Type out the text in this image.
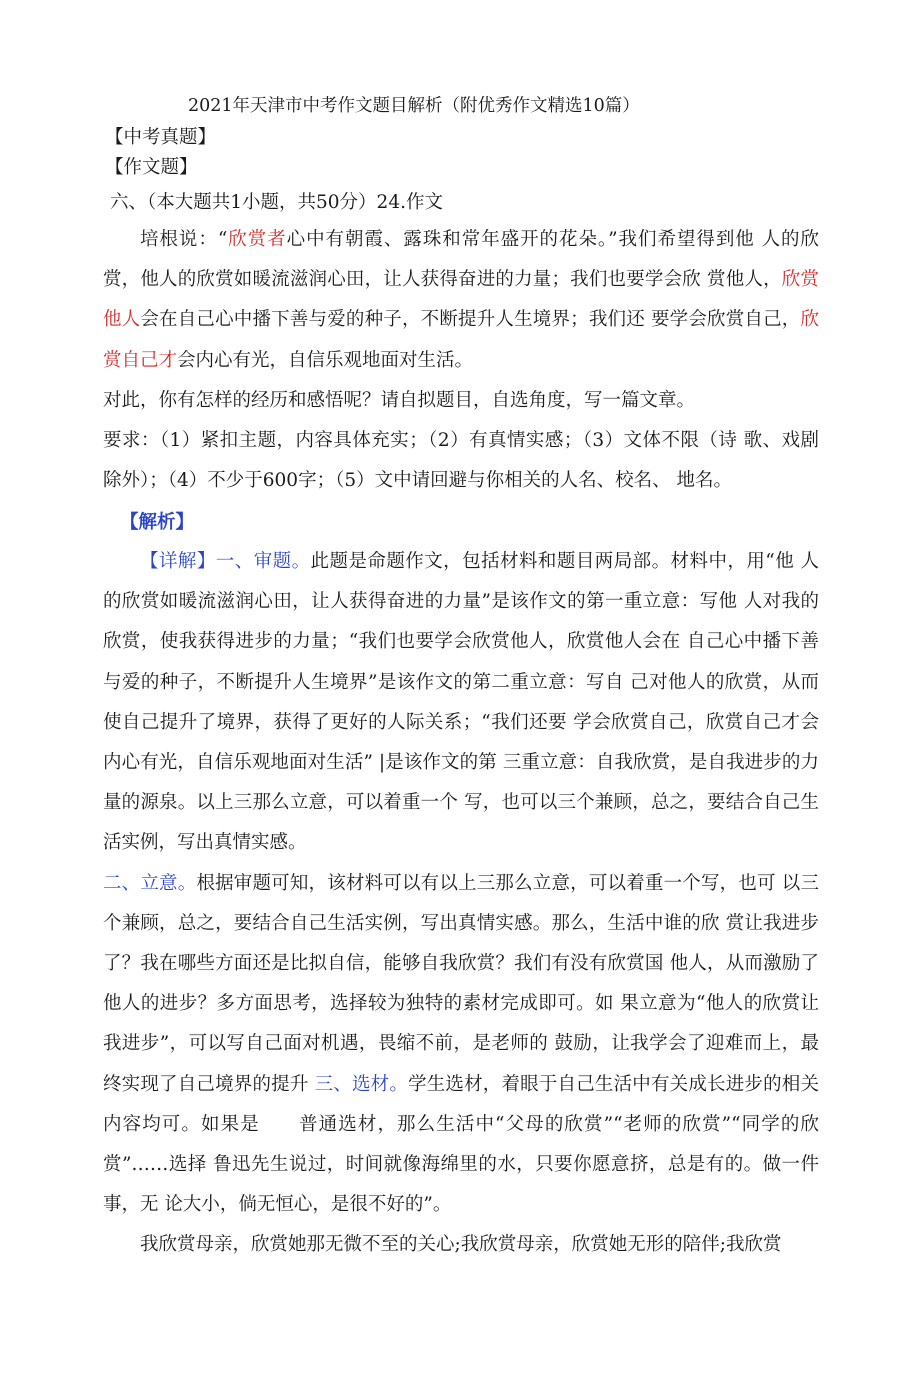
2021年天津市中考作文题目解析（附优秀作文精选10篇）
【中考真题】
【作文题】
六、（本大题共1小题，共50分）24.作文

培根说：“欣赏者心中有朝霞、露珠和常年盛开的花朵。”我们希望得到他 人的欣赏，他人的欣赏如暖流滋润心田，让人获得奋进的力量；我们也要学会欣 赏他人，欣赏他人会在自己心中播下善与爱的种子，不断提升人生境界；我们还 要学会欣赏自己，欣赏自己才会内心有光，自信乐观地面对生活。

对此，你有怎样的经历和感悟呢？请自拟题目，自选角度，写一篇文章。

要求：（1）紧扣主题，内容具体充实；（2）有真情实感；（3）文体不限（诗 歌、戏剧除外）；（4）不少于600字；（5）文中请回避与你相关的人名、校名、 地名。

【解析】

【详解】一、审题。此题是命题作文，包括材料和题目两局部。材料中，用“他 人的欣赏如暖流滋润心田，让人获得奋进的力量”是该作文的第一重立意：写他 人对我的欣赏，使我获得进步的力量；“我们也要学会欣赏他人，欣赏他人会在 自己心中播下善与爱的种子，不断提升人生境界”是该作文的第二重立意：写自 己对他人的欣赏，从而使自己提升了境界，获得了更好的人际关系；“我们还要 学会欣赏自己，欣赏自己才会内心有光，自信乐观地面对生活” |是该作文的第 三重立意：自我欣赏，是自我进步的力量的源泉。以上三那么立意，可以着重一个 写，也可以三个兼顾，总之，要结合自己生活实例，写出真情实感。

二、立意。根据审题可知，该材料可以有以上三那么立意，可以着重一个写，也可 以三个兼顾，总之，要结合自己生活实例，写出真情实感。那么，生活中谁的欣 赏让我进步了？我在哪些方面还是比拟自信，能够自我欣赏？我们有没有欣赏国 他人，从而激励了他人的进步？多方面思考，选择较为独特的素材完成即可。如 果立意为“他人的欣赏让我进步”，可以写自己面对机遇，畏缩不前，是老师的 鼓励，让我学会了迎难而上，最终实现了自己境界的提升 三、选材。学生选材，着眼于自己生活中有关成长进步的相关内容均可。如果是　　普通选材，那么生活中“父母的欣赏”“老师的欣赏”“同学的欣赏”……选择 鲁迅先生说过，时间就像海绵里的水，只要你愿意挤，总是有的。做一件事，无 论大小，倘无恒心，是很不好的”。

我欣赏母亲，欣赏她那无微不至的关心;我欣赏母亲，欣赏她无形的陪伴;我欣赏
